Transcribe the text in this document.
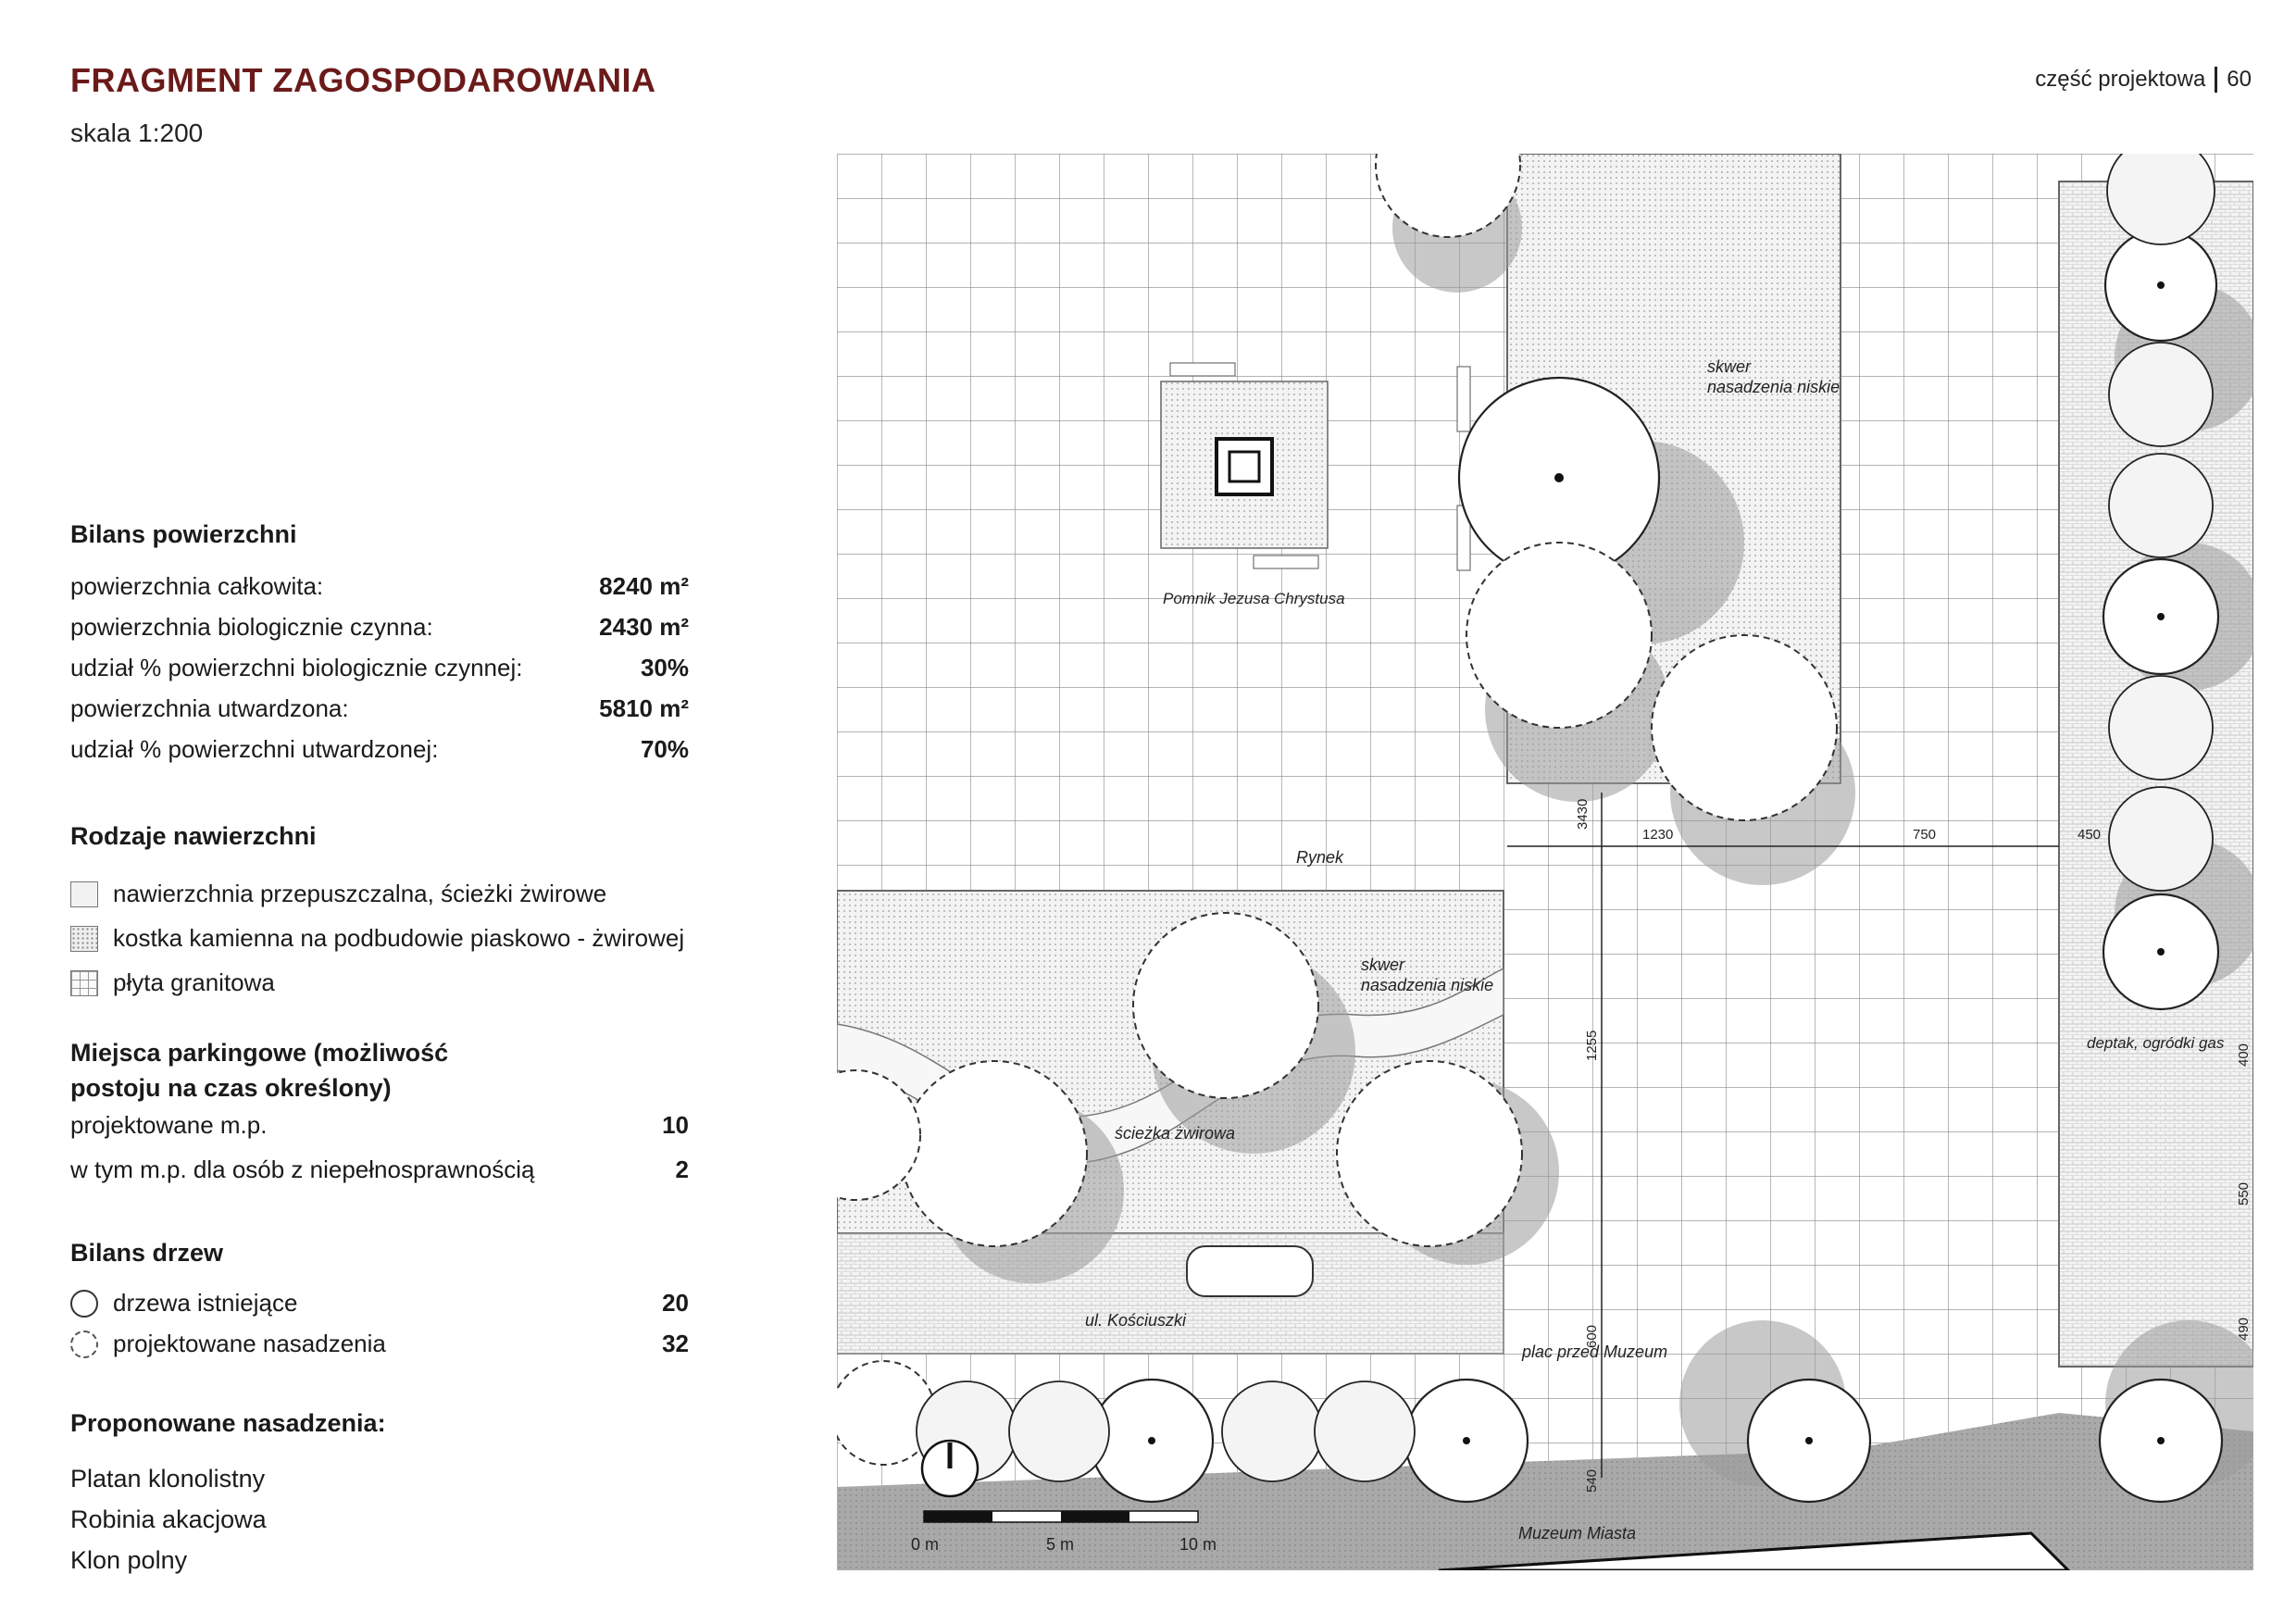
FRAGMENT ZAGOSPODAROWANIA
skala 1:200
część projektowa 60
Bilans powierzchni
powierzchnia całkowita:	8240 m²
powierzchnia biologicznie czynna:	2430 m²
udział % powierzchni biologicznie czynnej:	30%
powierzchnia utwardzona:	5810 m²
udział % powierzchni utwardzonej:	70%
Rodzaje nawierzchni
nawierzchnia przepuszczalna, ścieżki żwirowe
kostka kamienna na podbudowie piaskowo - żwirowej
płyta granitowa
Miejsca parkingowe (możliwość
postoju na czas określony)
projektowane m.p.	10
w tym m.p. dla osób z niepełnosprawnością	2
Bilans drzew
drzewa istniejące	20
projektowane nasadzenia	32
Proponowane nasadzenia:
Platan klonolistny
Robinia akacjowa
Klon polny
skwer
nasadzenia niskie
Pomnik Jezusa Chrystusa
Rynek
skwer
nasadzenia niskie
ścieżka żwirowa
ul. Kościuszki
plac przed Muzeum
Muzeum Miasta
deptak, ogródki gas
3430
1230	750	450
1255
600
540
400
550
490
0 m	5 m	10 m
